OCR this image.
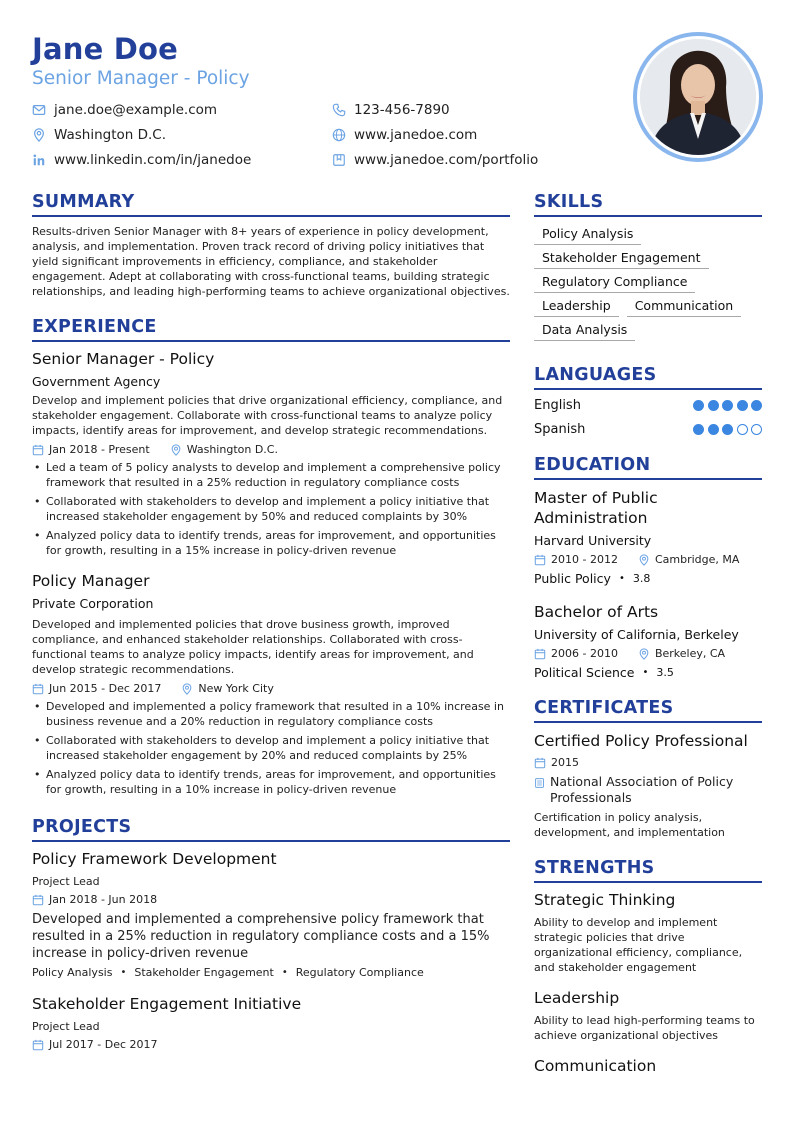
Jane Doe
Senior Manager - Policy
jane.doe@example.com	123-456-7890
Washington D.C.	www.janedoe.com
www.linkedin.com/in/janedoe	www.janedoe.com/portfolio
SUMMARY
Results-driven Senior Manager with 8+ years of experience in policy development, analysis, and implementation. Proven track record of driving policy initiatives that yield significant improvements in efficiency, compliance, and stakeholder engagement. Adept at collaborating with cross-functional teams, building strategic relationships, and leading high-performing teams to achieve organizational objectives.
EXPERIENCE
Senior Manager - Policy
Government Agency
Develop and implement policies that drive organizational efficiency, compliance, and stakeholder engagement. Collaborate with cross-functional teams to analyze policy impacts, identify areas for improvement, and develop strategic recommendations.
Jan 2018 - Present	Washington D.C.
• Led a team of 5 policy analysts to develop and implement a comprehensive policy framework that resulted in a 25% reduction in regulatory compliance costs
• Collaborated with stakeholders to develop and implement a policy initiative that increased stakeholder engagement by 50% and reduced complaints by 30%
• Analyzed policy data to identify trends, areas for improvement, and opportunities for growth, resulting in a 15% increase in policy-driven revenue
Policy Manager
Private Corporation
Developed and implemented policies that drove business growth, improved compliance, and enhanced stakeholder relationships. Collaborated with cross-functional teams to analyze policy impacts, identify areas for improvement, and develop strategic recommendations.
Jun 2015 - Dec 2017	New York City
• Developed and implemented a policy framework that resulted in a 10% increase in business revenue and a 20% reduction in regulatory compliance costs
• Collaborated with stakeholders to develop and implement a policy initiative that increased stakeholder engagement by 20% and reduced complaints by 25%
• Analyzed policy data to identify trends, areas for improvement, and opportunities for growth, resulting in a 10% increase in policy-driven revenue
PROJECTS
Policy Framework Development
Project Lead
Jan 2018 - Jun 2018
Developed and implemented a comprehensive policy framework that resulted in a 25% reduction in regulatory compliance costs and a 15% increase in policy-driven revenue
Policy Analysis • Stakeholder Engagement • Regulatory Compliance
Stakeholder Engagement Initiative
Project Lead
Jul 2017 - Dec 2017
SKILLS
Policy Analysis
Stakeholder Engagement
Regulatory Compliance
Leadership	Communication
Data Analysis
LANGUAGES
English
Spanish
EDUCATION
Master of Public Administration
Harvard University
2010 - 2012	Cambridge, MA
Public Policy • 3.8
Bachelor of Arts
University of California, Berkeley
2006 - 2010	Berkeley, CA
Political Science • 3.5
CERTIFICATES
Certified Policy Professional
2015
National Association of Policy Professionals
Certification in policy analysis, development, and implementation
STRENGTHS
Strategic Thinking
Ability to develop and implement strategic policies that drive organizational efficiency, compliance, and stakeholder engagement
Leadership
Ability to lead high-performing teams to achieve organizational objectives
Communication
